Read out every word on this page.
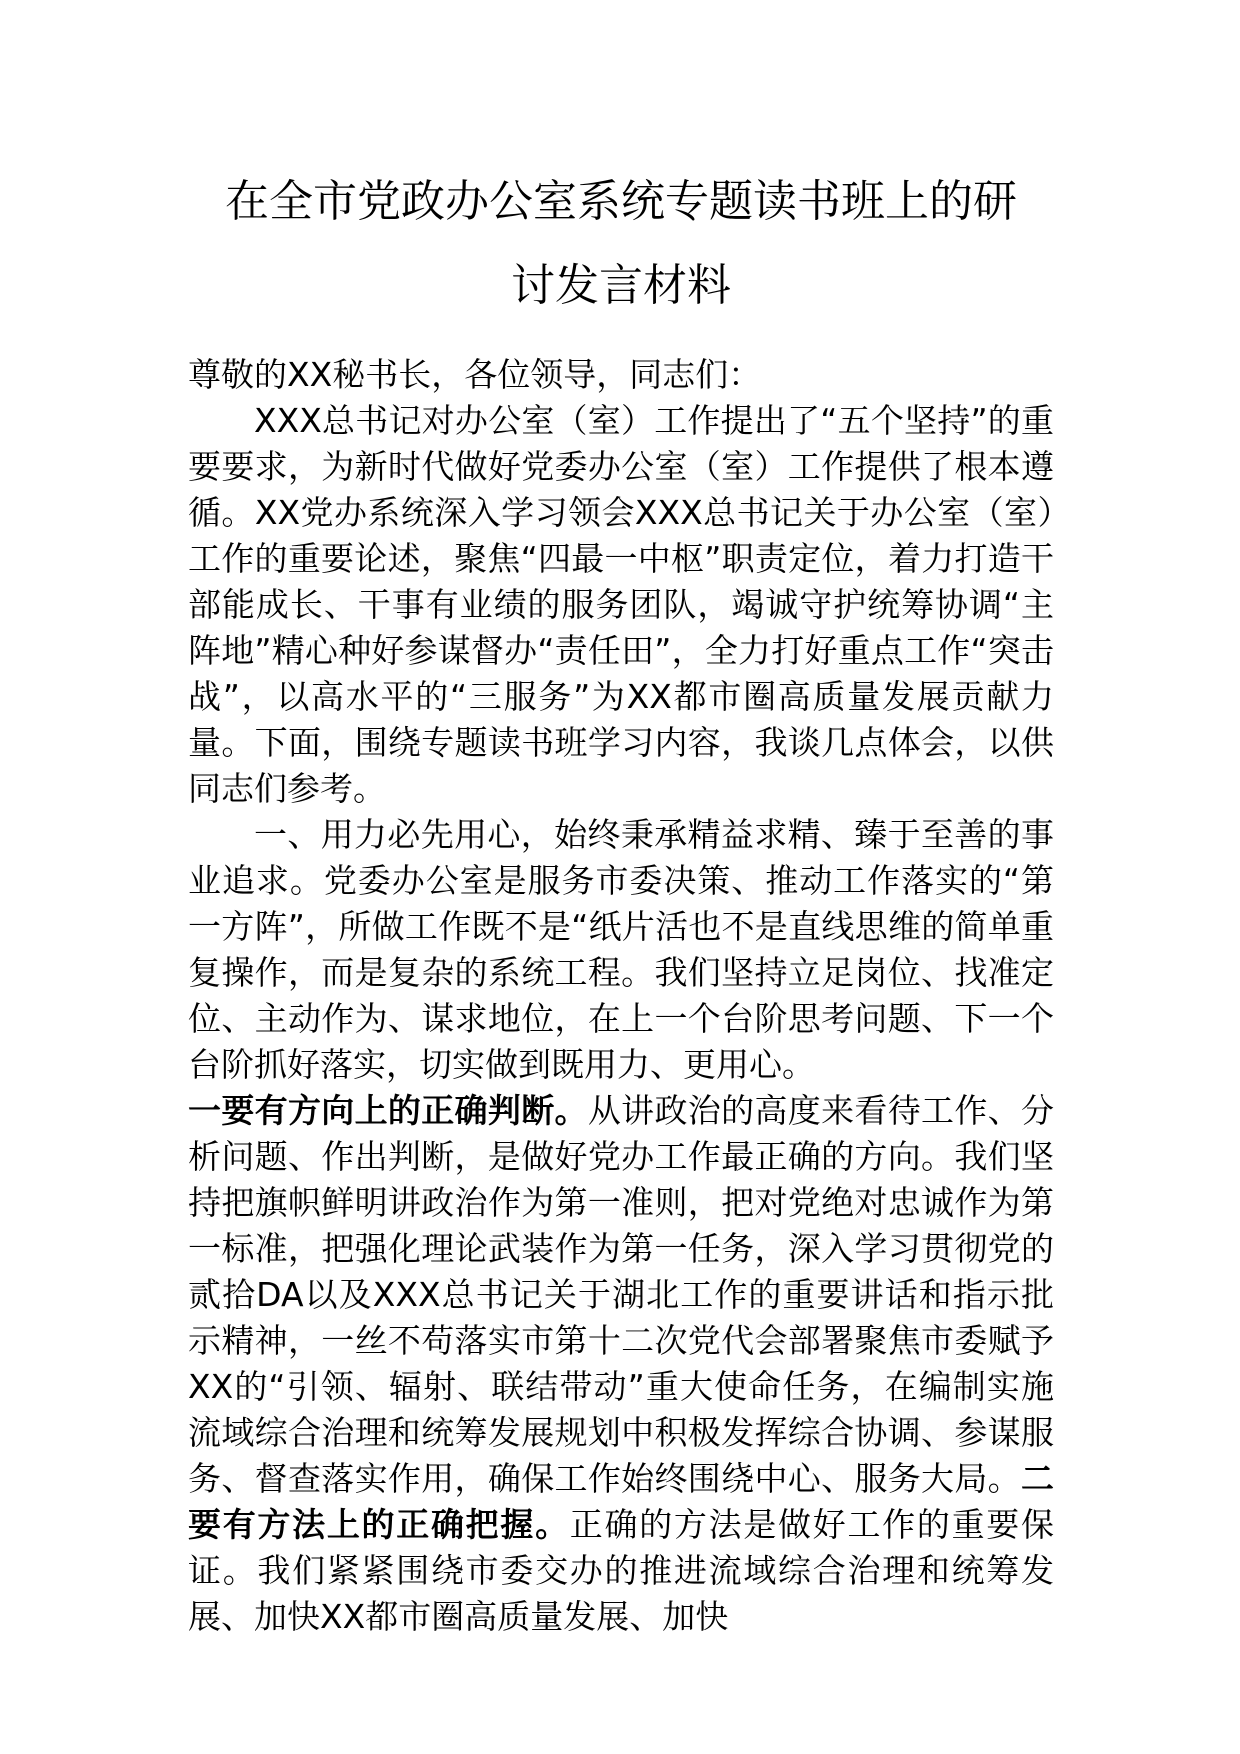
在全市党政办公室系统专题读书班上的研
讨发言材料

尊敬的XX秘书长，各位领导，同志们：

XXX总书记对办公室（室）工作提出了“五个坚持”的重要要求，为新时代做好党委办公室（室）工作提供了根本遵循。XX党办系统深入学习领会XXX总书记关于办公室（室）工作的重要论述，聚焦“四最一中枢”职责定位，着力打造干部能成长、干事有业绩的服务团队，竭诚守护统筹协调“主阵地”精心种好参谋督办“责任田”，全力打好重点工作“突击战”，以高水平的“三服务”为XX都市圈高质量发展贡献力量。下面，围绕专题读书班学习内容，我谈几点体会，以供同志们参考。

一、用力必先用心，始终秉承精益求精、臻于至善的事业追求。党委办公室是服务市委决策、推动工作落实的“第一方阵”，所做工作既不是“纸片活也不是直线思维的简单重复操作，而是复杂的系统工程。我们坚持立足岗位、找准定位、主动作为、谋求地位，在上一个台阶思考问题、下一个台阶抓好落实，切实做到既用力、更用心。

一要有方向上的正确判断。从讲政治的高度来看待工作、分析问题、作出判断，是做好党办工作最正确的方向。我们坚持把旗帜鲜明讲政治作为第一准则，把对党绝对忠诚作为第一标准，把强化理论武装作为第一任务，深入学习贯彻党的贰拾DA以及XXX总书记关于湖北工作的重要讲话和指示批示精神，一丝不苟落实市第十二次党代会部署聚焦市委赋予XX的“引领、辐射、联结带动”重大使命任务，在编制实施流域综合治理和统筹发展规划中积极发挥综合协调、参谋服务、督查落实作用，确保工作始终围绕中心、服务大局。二要有方法上的正确把握。正确的方法是做好工作的重要保证。我们紧紧围绕市委交办的推进流域综合治理和统筹发展、加快XX都市圈高质量发展、加快
